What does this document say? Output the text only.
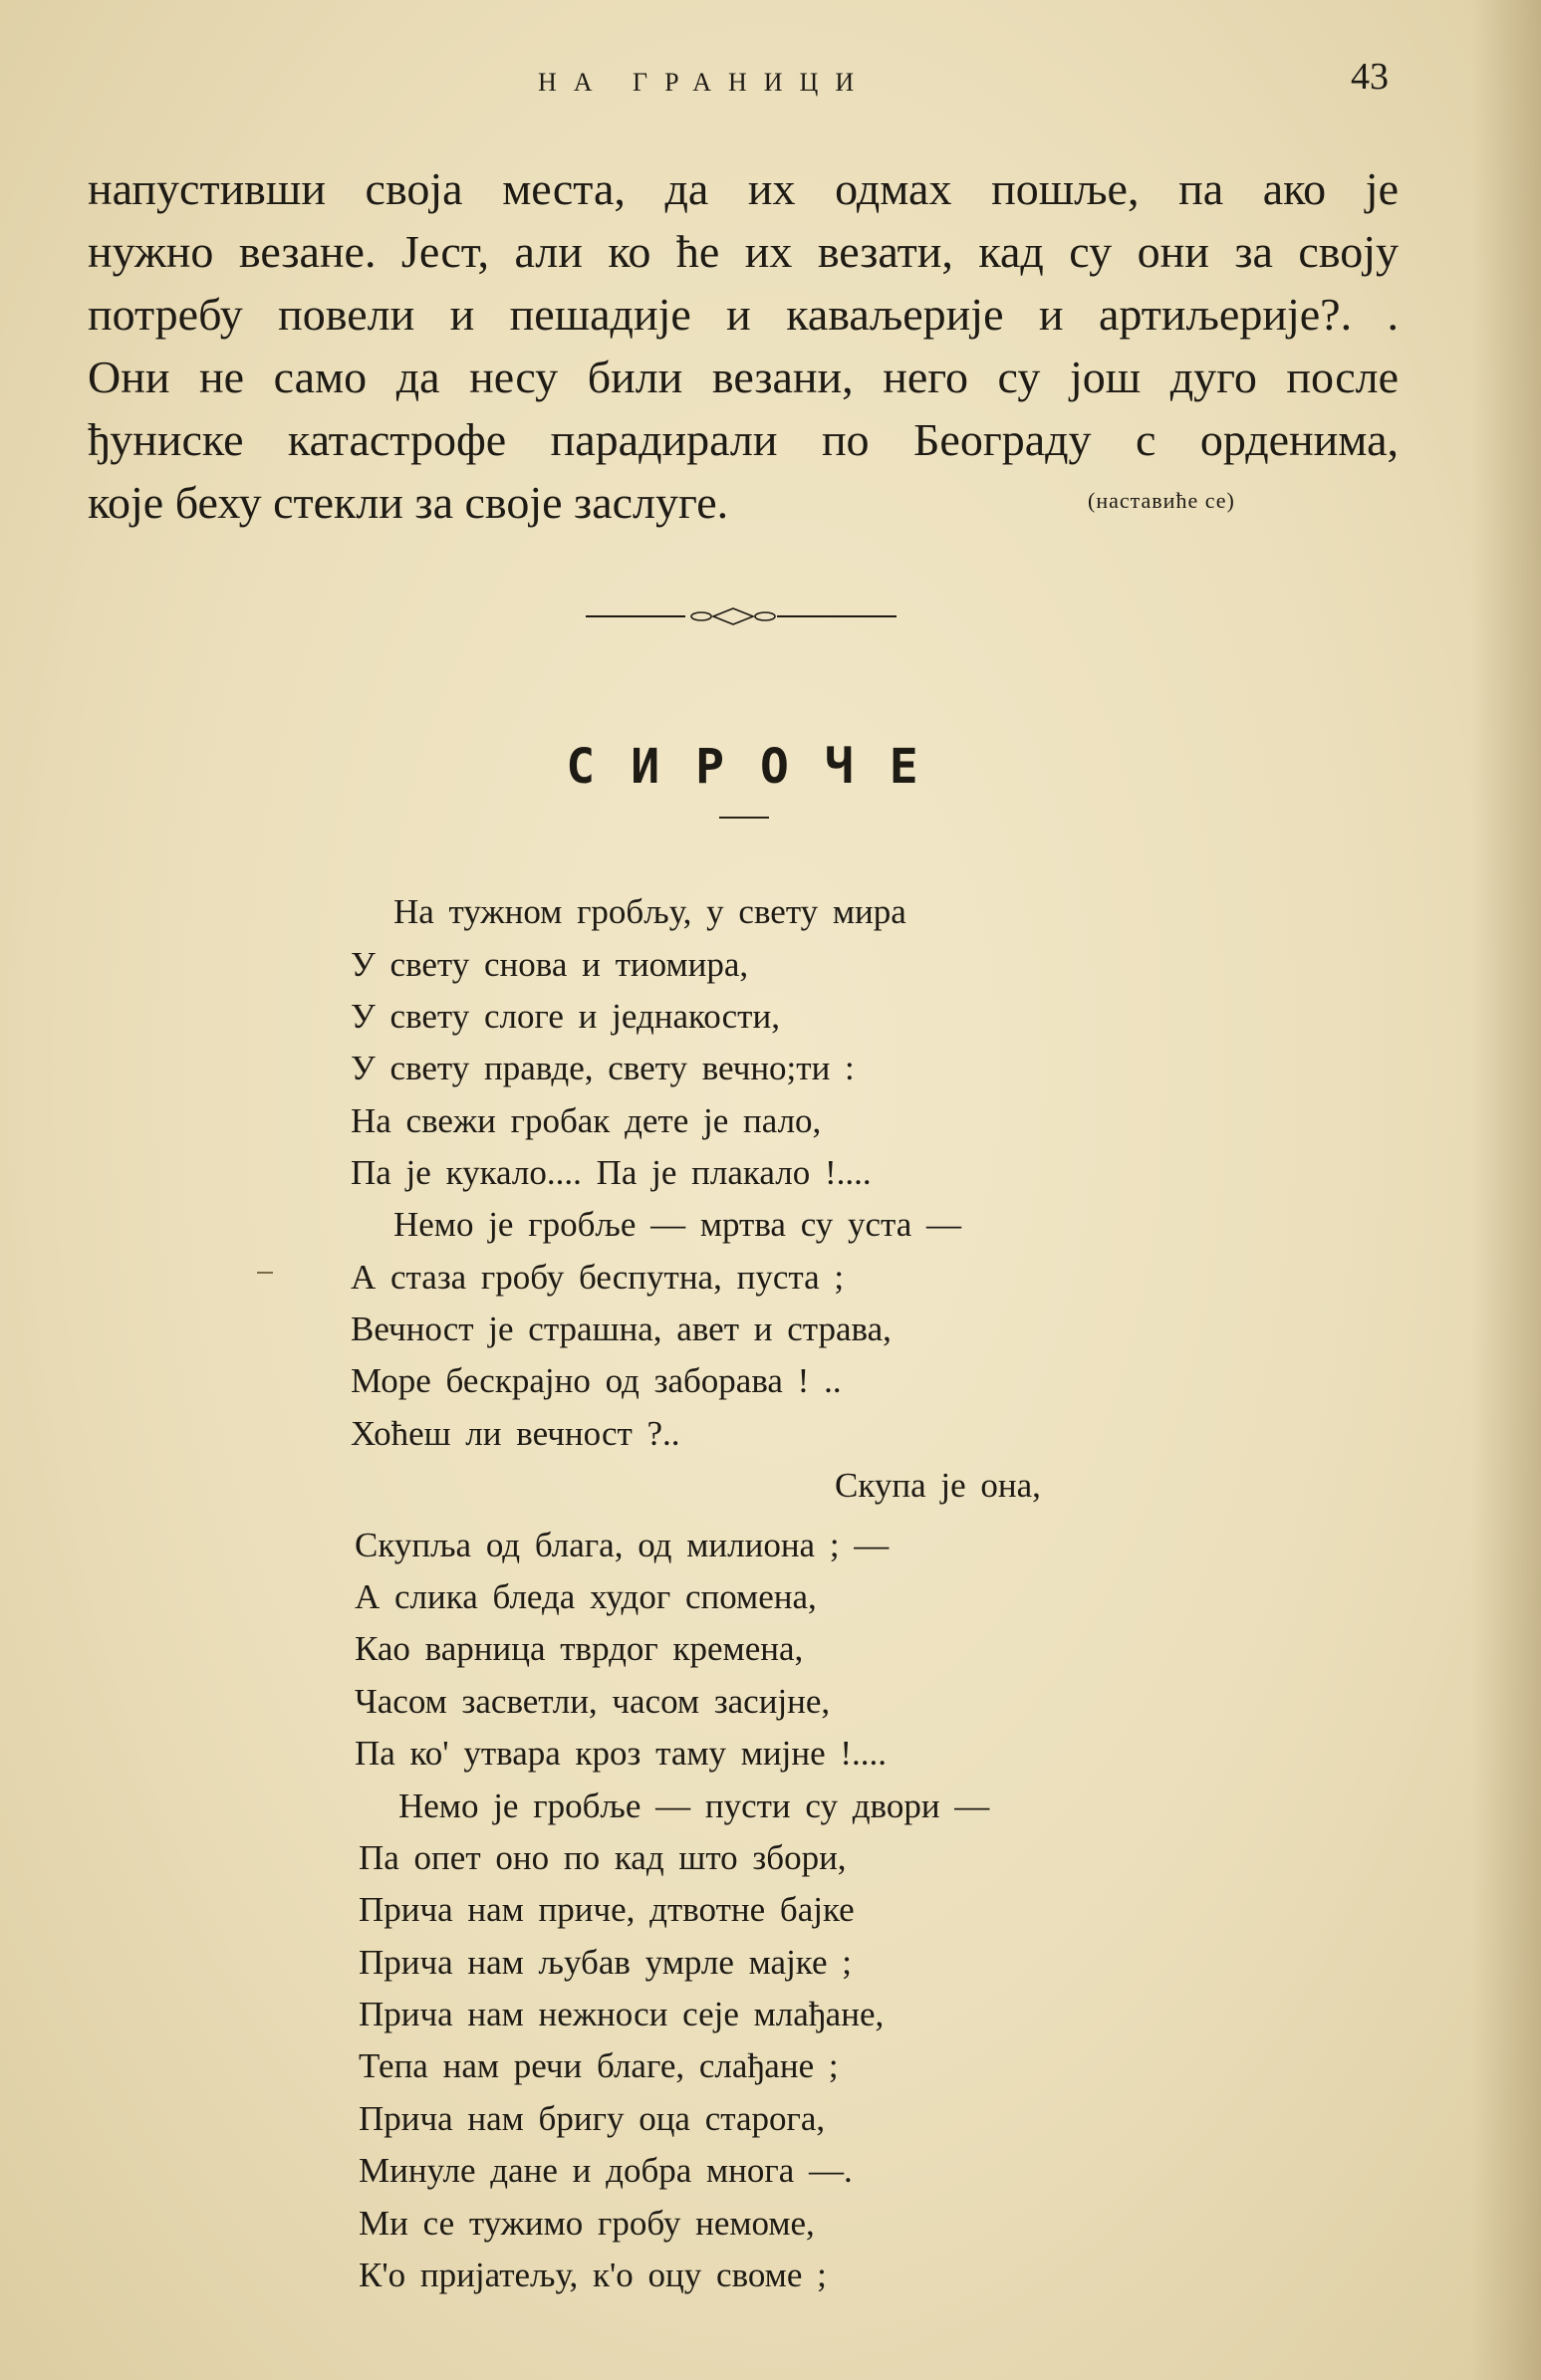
НА ГРАНИЦИ	43

напустивши своја места, да их одмах пошље, па ако је
нужно везане. Јест, али ко ће их везати, кад су они за своју
потребу повели и пешадије и каваљерије и артиљерије?. .
Они не само да несу били везани, него су још дуго после
ђуниске катастрофе парадирали по Београду с орденима,
које беху стекли за своје заслуге.	(наставиће се)

СИРОЧЕ
На тужном гробљу, у свету мира
У свету снова и тиомира,
У свету слоге и једнакости,
У свету правде, свету вечно;ти :
На свежи гробак дете је пало,
Па је кукало.... Па је плакало !....
Немо је гробље — мртва су уста —
А стаза гробу беспутна, пуста ;
Вечност је страшна, авет и страва,
Море бескрајно од заборава ! ..
Хоћеш ли вечност ?..
Скупа је она,
Скупља од блага, од милиона ; —
А слика бледа худог спомена,
Као варница тврдог кремена,
Часом засветли, часом засијне,
Па ко' утвара кроз таму мијне !....
Немо је гробље — пусти су двори —
Па опет оно по кад што збори,
Прича нам приче, дтвотне бајке
Прича нам љубав умрле мајке ;
Прича нам нежноси сеје млађане,
Тепа нам речи благе, слађане ;
Прича нам бригу оца старога,
Минуле дане и добра многа —.
Ми се тужимо гробу немоме,
К'о пријатељу, к'о оцу своме ;
